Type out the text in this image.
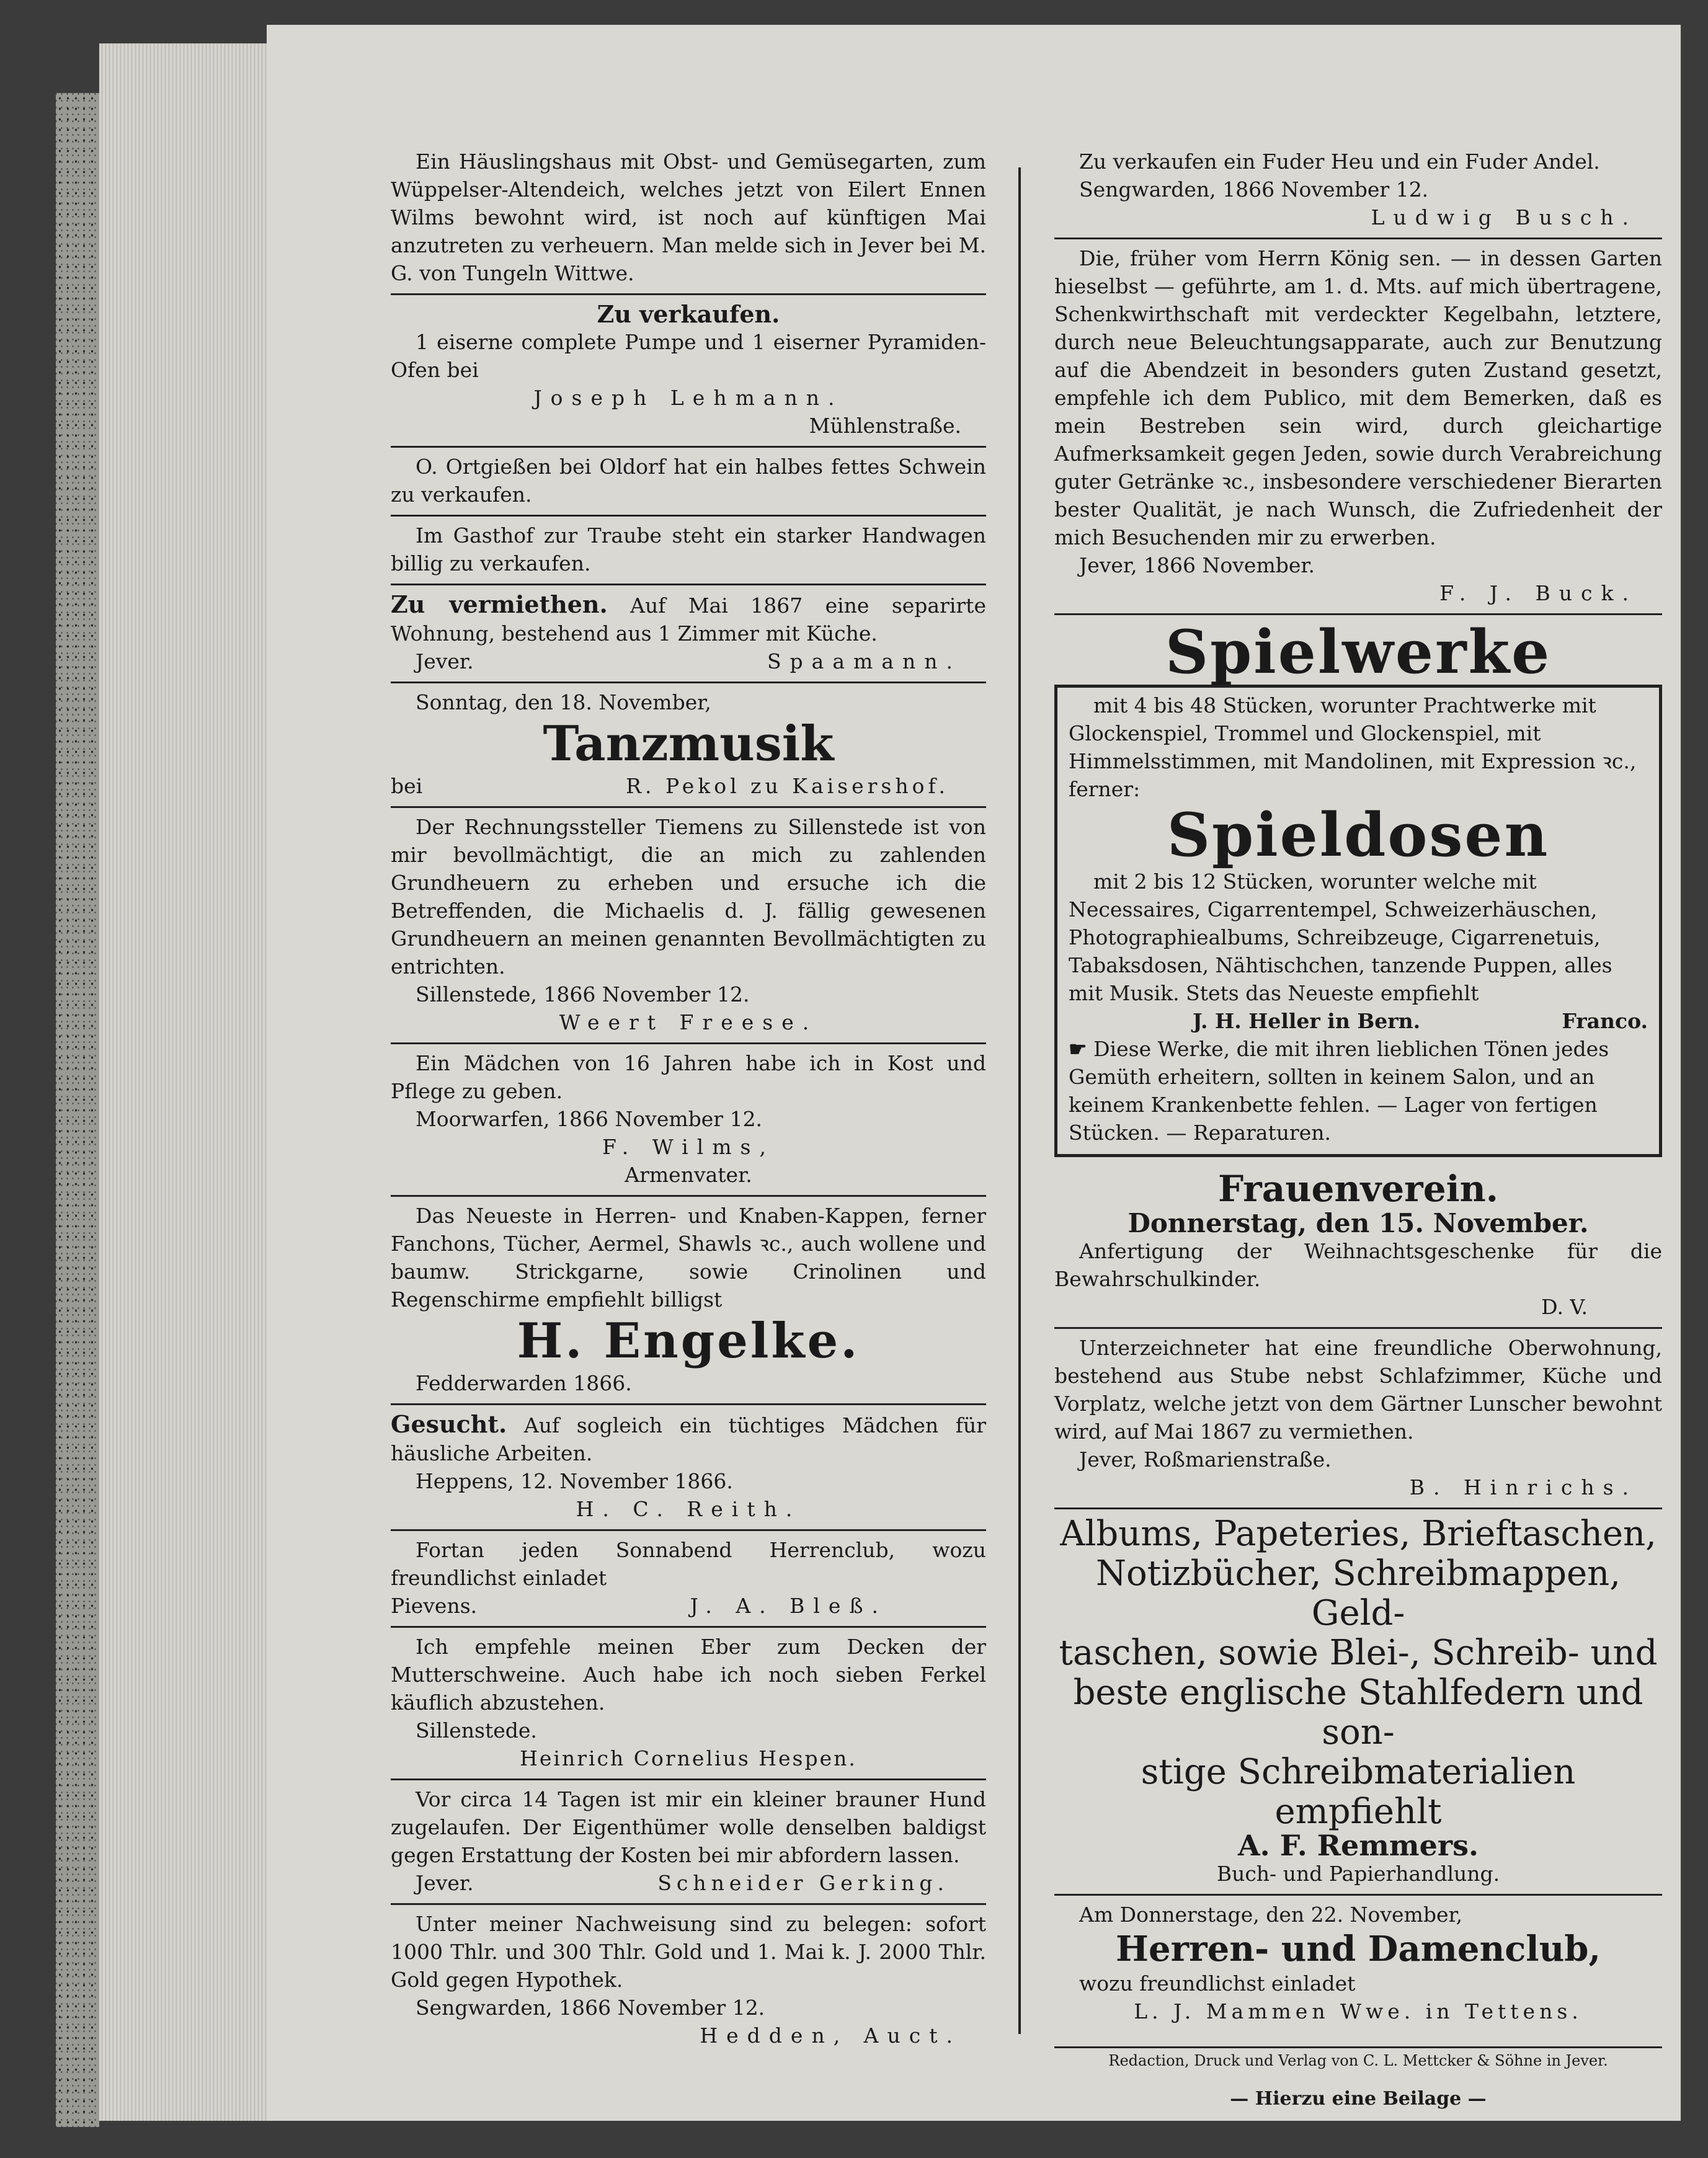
Ein Häuslingshaus mit Obst- und Gemüsegarten, zum Wüppelser-Altendeich, welches jetzt von Eilert Ennen Wilms bewohnt wird, ist noch auf künftigen Mai anzutreten zu verheuern. Man melde sich in Jever bei M. G. von Tungeln Wittwe.

Zu verkaufen.

1 eiserne complete Pumpe und 1 eiserner Pyramiden-Ofen bei

Joseph Lehmann.

Mühlenstraße.

O. Ortgießen bei Oldorf hat ein halbes fettes Schwein zu verkaufen.

Im Gasthof zur Traube steht ein starker Handwagen billig zu verkaufen.

Zu vermiethen. Auf Mai 1867 eine separirte Wohnung, bestehend aus 1 Zimmer mit Küche.

Jever.	Spaamann.

Sonntag, den 18. November,

Tanzmusik

bei	R. Pekol zu Kaisershof.

Der Rechnungssteller Tiemens zu Sillenstede ist von mir bevollmächtigt, die an mich zu zahlenden Grundheuern zu erheben und ersuche ich die Betreffenden, die Michaelis d. J. fällig gewesenen Grundheuern an meinen genannten Bevollmächtigten zu entrichten.

Sillenstede, 1866 November 12.

Weert Freese.

Ein Mädchen von 16 Jahren habe ich in Kost und Pflege zu geben.

Moorwarfen, 1866 November 12.

F. Wilms,

Armenvater.

Das Neueste in Herren- und Knaben-Kappen, ferner Fanchons, Tücher, Aermel, Shawls ꝛc., auch wollene und baumw. Strickgarne, sowie Crinolinen und Regenschirme empfiehlt billigst

H. Engelke.

Fedderwarden 1866.

Gesucht. Auf sogleich ein tüchtiges Mädchen für häusliche Arbeiten.

Heppens, 12. November 1866.

H. C. Reith.

Fortan jeden Sonnabend Herrenclub, wozu freundlichst einladet

Pievens.	J. A. Bleß.

Ich empfehle meinen Eber zum Decken der Mutterschweine. Auch habe ich noch sieben Ferkel käuflich abzustehen.

Sillenstede.

Heinrich Cornelius Hespen.

Vor circa 14 Tagen ist mir ein kleiner brauner Hund zugelaufen. Der Eigenthümer wolle denselben baldigst gegen Erstattung der Kosten bei mir abfordern lassen.

Jever.	Schneider Gerking.

Unter meiner Nachweisung sind zu belegen: sofort 1000 Thlr. und 300 Thlr. Gold und 1. Mai k. J. 2000 Thlr. Gold gegen Hypothek.

Sengwarden, 1866 November 12.

Hedden, Auct.

Zu verkaufen ein Fuder Heu und ein Fuder Andel.

Sengwarden, 1866 November 12.

Ludwig Busch.

Die, früher vom Herrn König sen. — in dessen Garten hieselbst — geführte, am 1. d. Mts. auf mich übertragene, Schenkwirthschaft mit verdeckter Kegelbahn, letztere, durch neue Beleuchtungsapparate, auch zur Benutzung auf die Abendzeit in besonders guten Zustand gesetzt, empfehle ich dem Publico, mit dem Bemerken, daß es mein Bestreben sein wird, durch gleichartige Aufmerksamkeit gegen Jeden, sowie durch Verabreichung guter Getränke ꝛc., insbesondere verschiedener Bierarten bester Qualität, je nach Wunsch, die Zufriedenheit der mich Besuchenden mir zu erwerben.

Jever, 1866 November.

F. J. Buck.

Spielwerke

mit 4 bis 48 Stücken, worunter Prachtwerke mit Glockenspiel, Trommel und Glockenspiel, mit Himmelsstimmen, mit Mandolinen, mit Expression ꝛc., ferner:

Spieldosen

mit 2 bis 12 Stücken, worunter welche mit Necessaires, Cigarrentempel, Schweizerhäuschen, Photographiealbums, Schreibzeuge, Cigarrenetuis, Tabaksdosen, Nähtischchen, tanzende Puppen, alles mit Musik. Stets das Neueste empfiehlt

J. H. Heller in Bern.	Franco.

☛ Diese Werke, die mit ihren lieblichen Tönen jedes Gemüth erheitern, sollten in keinem Salon, und an keinem Krankenbette fehlen. — Lager von fertigen Stücken. — Reparaturen.

Frauenverein.

Donnerstag, den 15. November.

Anfertigung der Weihnachtsgeschenke für die Bewahrschulkinder.

D. V.

Unterzeichneter hat eine freundliche Oberwohnung, bestehend aus Stube nebst Schlafzimmer, Küche und Vorplatz, welche jetzt von dem Gärtner Lunscher bewohnt wird, auf Mai 1867 zu vermiethen.

Jever, Roßmarienstraße.

B. Hinrichs.

Albums, Papeteries, Brieftaschen,

Notizbücher, Schreibmappen, Geld-

taschen, sowie Blei-, Schreib- und

beste englische Stahlfedern und son-

stige Schreibmaterialien empfiehlt

A. F. Remmers.

Buch- und Papierhandlung.

Am Donnerstage, den 22. November,

Herren- und Damenclub,

wozu freundlichst einladet

L. J. Mammen Wwe. in Tettens.

Redaction, Druck und Verlag von C. L. Mettcker & Söhne in Jever.

— Hierzu eine Beilage —
